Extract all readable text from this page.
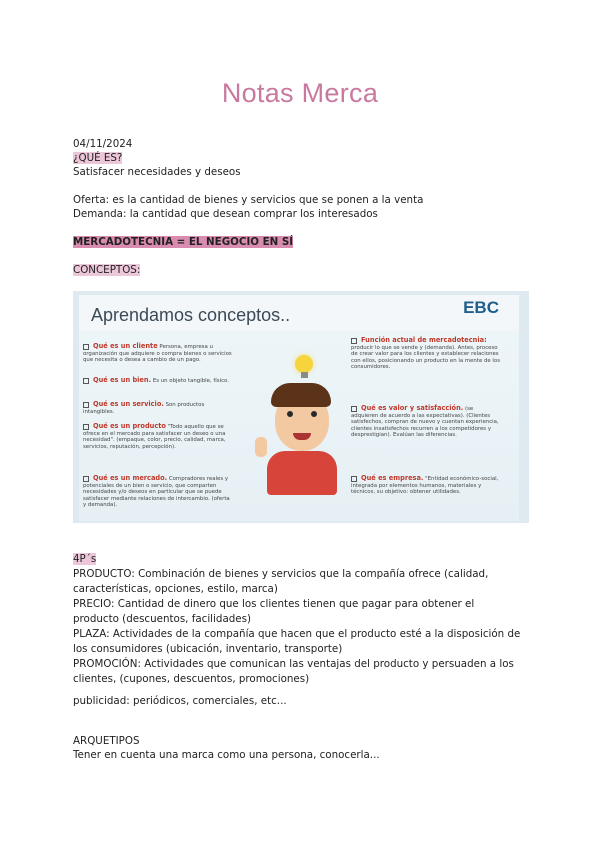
Notas Merca
04/11/2024
¿QUÉ ES?
Satisfacer necesidades y deseos
Oferta: es la cantidad de bienes y servicios que se ponen a la venta
Demanda: la cantidad que desean comprar los interesados
MERCADOTECNIA = EL NEGOCIO EN SÍ
CONCEPTOS:
Aprendamos conceptos..	EBC
Qué es un cliente Persona, empresa u organización que adquiere o compra bienes o servicios que necesita o desea a cambio de un pago.
Qué es un bien. Es un objeto tangible, físico.
Qué es un servicio. Son productos intangibles.
Qué es un producto "Todo aquello que se ofrece en el mercado para satisfacer un deseo o una necesidad". (empaque, color, precio, calidad, marca, servicios, reputación, percepción).
Qué es un mercado. Compradores reales y potenciales de un bien o servicio, que comparten necesidades y/o deseos en particular que se puede satisfacer mediante relaciones de intercambio. (oferta y demanda).
Función actual de mercadotecnia: producir lo que se vende y (demanda). Antes, proceso de crear valor para los clientes y establecer relaciones con ellos, posicionando un producto en la mente de los consumidores.
Qué es valor y satisfacción. (se adquieren de acuerdo a las expectativas). (Clientes satisfechos, compran de nuevo y cuentan experiencia, clientes insatisfechos recurren a los competidores y desprestigian). Evalúan las diferencias.
Qué es empresa. "Entidad económico-social, integrada por elementos humanos, materiales y técnicos, su objetivo: obtener utilidades.
4P´s
PRODUCTO: Combinación de bienes y servicios que la compañía ofrece (calidad,
características, opciones, estilo, marca)
PRECIO: Cantidad de dinero que los clientes tienen que pagar para obtener el
producto (descuentos, facilidades)
PLAZA: Actividades de la compañía que hacen que el producto esté a la disposición de
los consumidores (ubicación, inventario, transporte)
PROMOCIÓN: Actividades que comunican las ventajas del producto y persuaden a los
clientes, (cupones, descuentos, promociones)
publicidad: periódicos, comerciales, etc...
ARQUETIPOS
Tener en cuenta una marca como una persona, conocerla...
